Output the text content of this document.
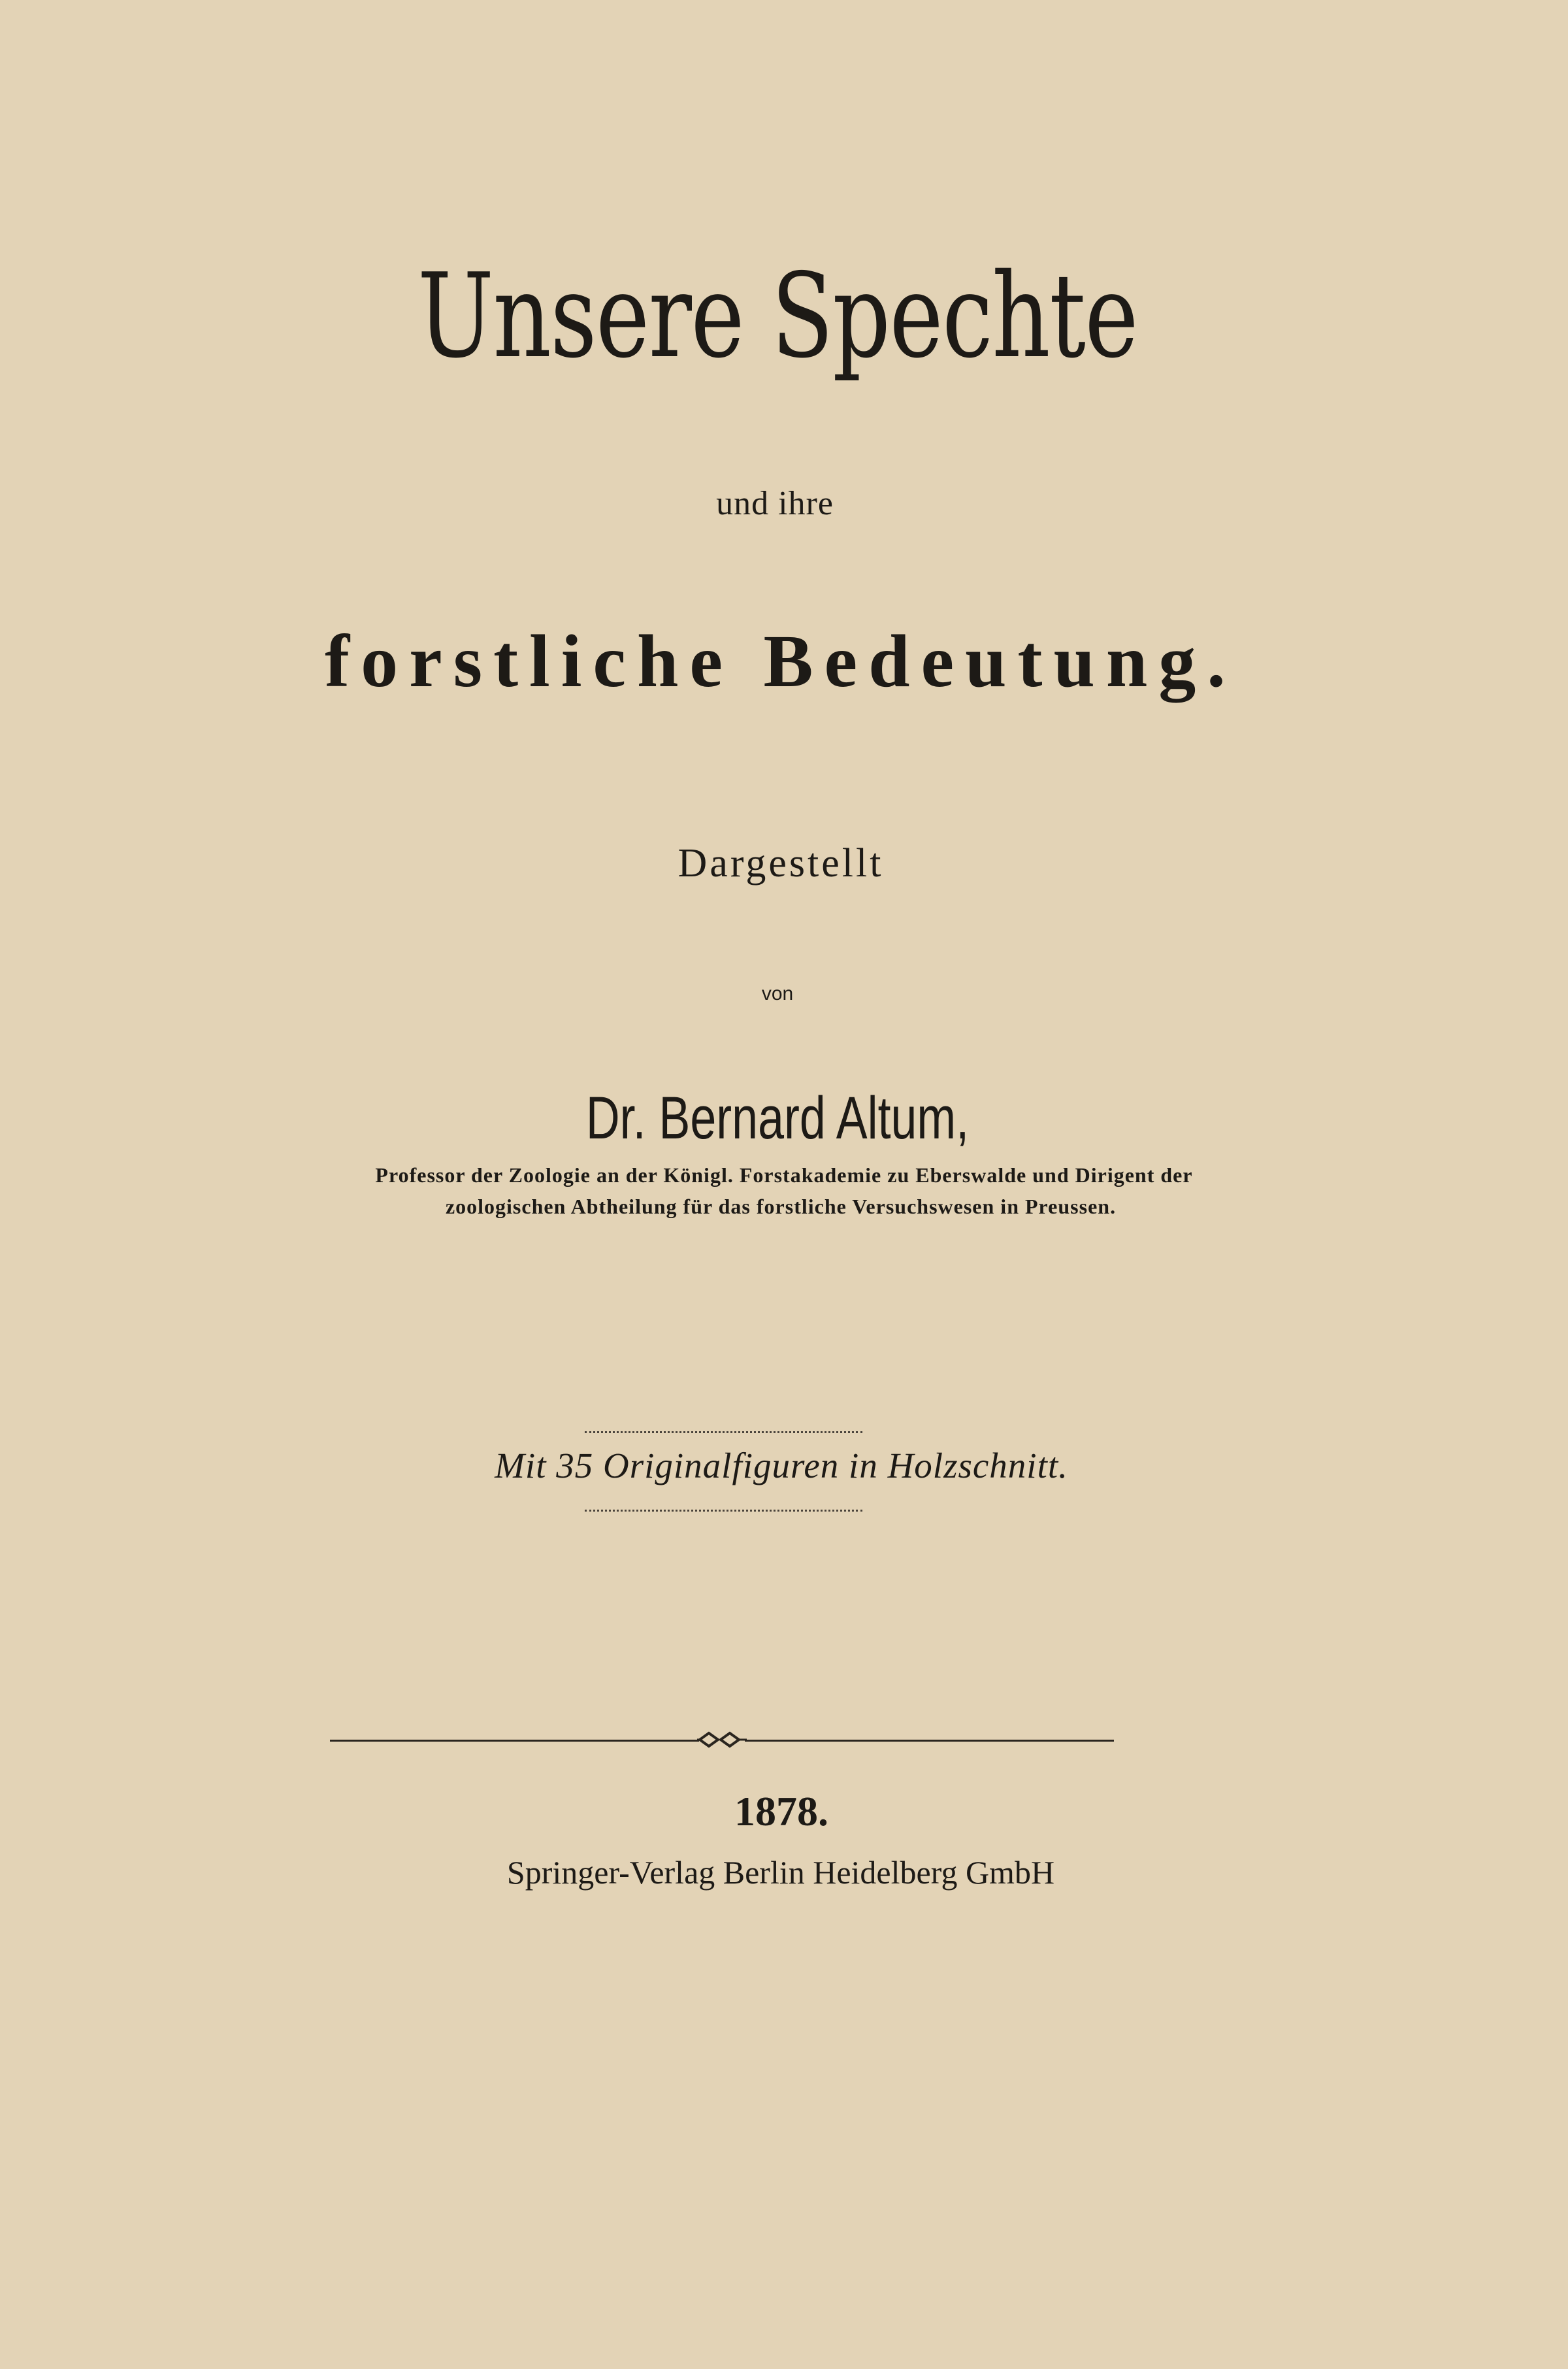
Unsere Spechte
und ihre
forstliche Bedeutung.
Dargestellt
von
Dr. Bernard Altum,
Professor der Zoologie an der Königl. Forstakademie zu Eberswalde und Dirigent der
zoologischen Abtheilung für das forstliche Versuchswesen in Preussen.
Mit 35 Originalfiguren in Holzschnitt.
1878.
Springer-Verlag Berlin Heidelberg GmbH
